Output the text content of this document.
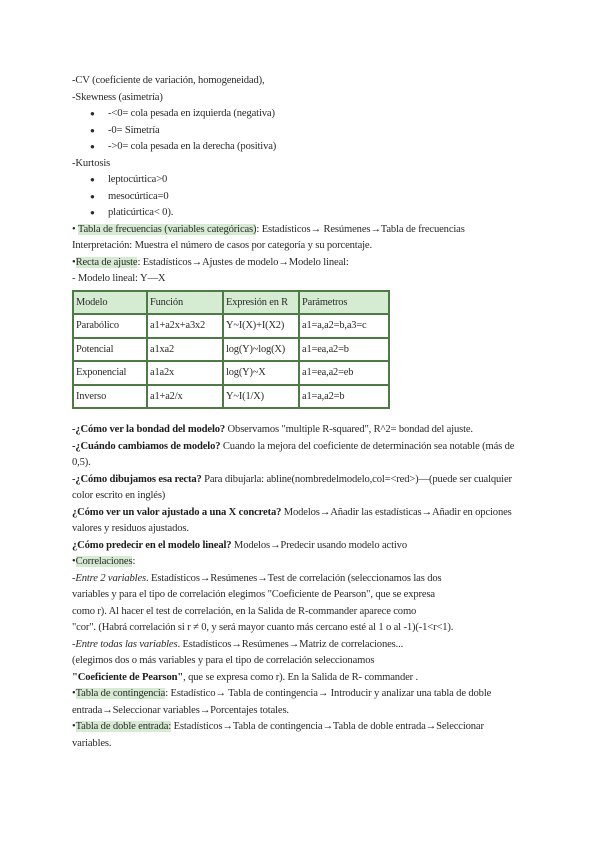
-CV (coeficiente de variación, homogeneidad),
-Skewness (asimetría)
● -<0= cola pesada en izquierda (negativa)
● -0= Simetría
● ->0= cola pesada en la derecha (positiva)
-Kurtosis
● leptocúrtica>0
● mesocúrtica=0
● platicúrtica< 0).
• Tabla de frecuencias (variables categóricas): Estadísticos→ Resúmenes→Tabla de frecuencias
Interpretación: Muestra el número de casos por categoría y su porcentaje.
•Recta de ajuste: Estadísticos→Ajustes de modelo→Modelo lineal:
- Modelo lineal: Y—X
Modelo	Función	Expresión en R	Parámetros
Parabólico	a1+a2x+a3x2	Y~I(X)+I(X2)	a1=a,a2=b,a3=c
Potencial	a1xa2	log(Y)~log(X)	a1=ea,a2=b
Exponencial	a1a2x	log(Y)~X	a1=ea,a2=eb
Inverso	a1+a2/x	Y~I(1/X)	a1=a,a2=b
-¿Cómo ver la bondad del modelo? Observamos "multiple R-squared", R^2= bondad del ajuste.
-¿Cuándo cambiamos de modelo? Cuando la mejora del coeficiente de determinación sea notable (más de
0,5).
-¿Cómo dibujamos esa recta? Para dibujarla: abline(nombredelmodelo,col=<red>)—(puede ser cualquier
color escrito en inglés)
¿Cómo ver un valor ajustado a una X concreta? Modelos→Añadir las estadísticas→Añadir en opciones
valores y residuos ajustados.
¿Cómo predecir en el modelo lineal? Modelos→Predecir usando modelo activo
•Correlaciones:
-Entre 2 variables. Estadísticos→Resúmenes→Test de correlación (seleccionamos las dos
variables y para el tipo de correlación elegimos "Coeficiente de Pearson", que se expresa
como r). Al hacer el test de correlación, en la Salida de R-commander aparece como
"cor". (Habrá correlación si r ≠ 0, y será mayor cuanto más cercano esté al 1 o al -1)(-1<r<1).
-Entre todas las variables. Estadísticos→Resúmenes→Matriz de correlaciones...
(elegimos dos o más variables y para el tipo de correlación seleccionamos
"Coeficiente de Pearson", que se expresa como r). En la Salida de R- commander .
•Tabla de contingencia: Estadístico→ Tabla de contingencia→ Introducir y analizar una tabla de doble
entrada→Seleccionar variables→Porcentajes totales.
•Tabla de doble entrada: Estadísticos→Tabla de contingencia→Tabla de doble entrada→Seleccionar
variables.
